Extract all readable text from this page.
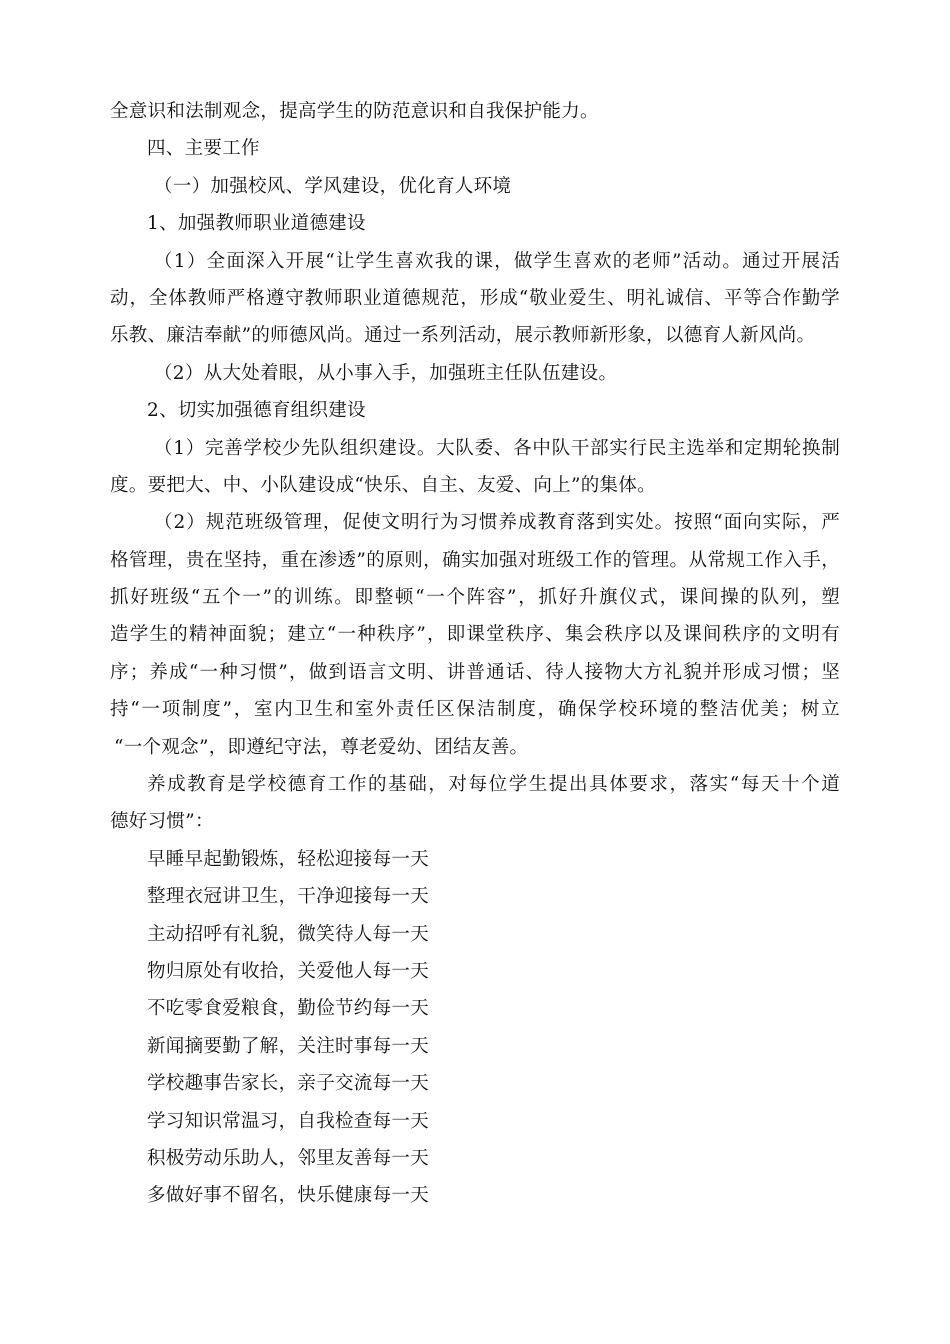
全意识和法制观念，提高学生的防范意识和自我保护能力。
四、主要工作
（一）加强校风、学风建设，优化育人环境
1、加强教师职业道德建设
（1）全面深入开展“让学生喜欢我的课，做学生喜欢的老师”活动。通过开展活
动，全体教师严格遵守教师职业道德规范，形成“敬业爱生、明礼诚信、平等合作勤学
乐教、廉洁奉献”的师德风尚。通过一系列活动，展示教师新形象，以德育人新风尚。
（2）从大处着眼，从小事入手，加强班主任队伍建设。
2、切实加强德育组织建设
（1）完善学校少先队组织建设。大队委、各中队干部实行民主选举和定期轮换制
度。要把大、中、小队建设成“快乐、自主、友爱、向上”的集体。
（2）规范班级管理，促使文明行为习惯养成教育落到实处。按照“面向实际，严
格管理，贵在坚持，重在渗透”的原则，确实加强对班级工作的管理。从常规工作入手，
抓好班级“五个一”的训练。即整顿“一个阵容”，抓好升旗仪式，课间操的队列，塑
造学生的精神面貌；建立“一种秩序”，即课堂秩序、集会秩序以及课间秩序的文明有
序；养成“一种习惯”，做到语言文明、讲普通话、待人接物大方礼貌并形成习惯；坚
持“一项制度”，室内卫生和室外责任区保洁制度，确保学校环境的整洁优美；树立
“一个观念”，即遵纪守法，尊老爱幼、团结友善。
养成教育是学校德育工作的基础，对每位学生提出具体要求，落实“每天十个道
德好习惯”：
早睡早起勤锻炼，轻松迎接每一天
整理衣冠讲卫生，干净迎接每一天
主动招呼有礼貌，微笑待人每一天
物归原处有收拾，关爱他人每一天
不吃零食爱粮食，勤俭节约每一天
新闻摘要勤了解，关注时事每一天
学校趣事告家长，亲子交流每一天
学习知识常温习，自我检查每一天
积极劳动乐助人，邻里友善每一天
多做好事不留名，快乐健康每一天
